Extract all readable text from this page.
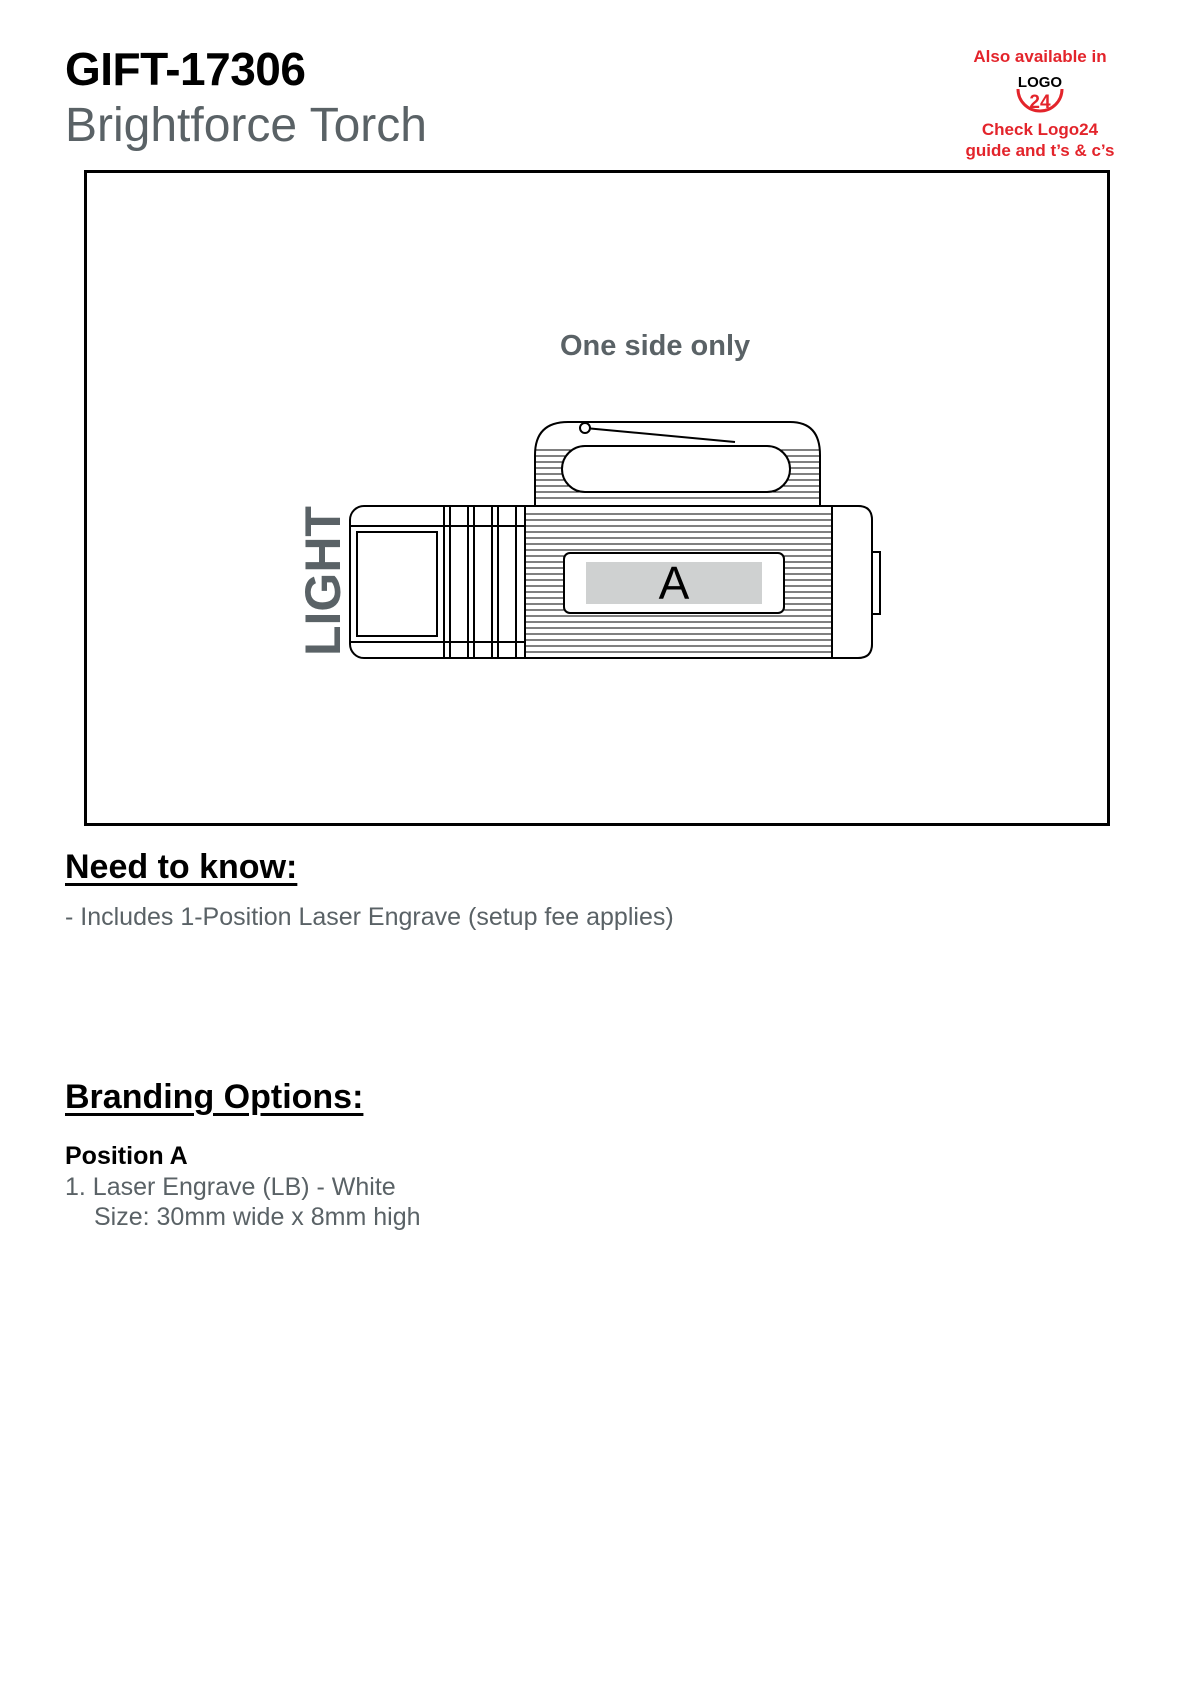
GIFT-17306
Brightforce Torch
Also available in
LOGO
24
Check Logo24
guide and t’s & c’s
One side only
A
LIGHT
Need to know:
- Includes 1-Position Laser Engrave (setup fee applies)
Branding Options:
Position A
1. Laser Engrave (LB) - White
Size: 30mm wide x 8mm high
